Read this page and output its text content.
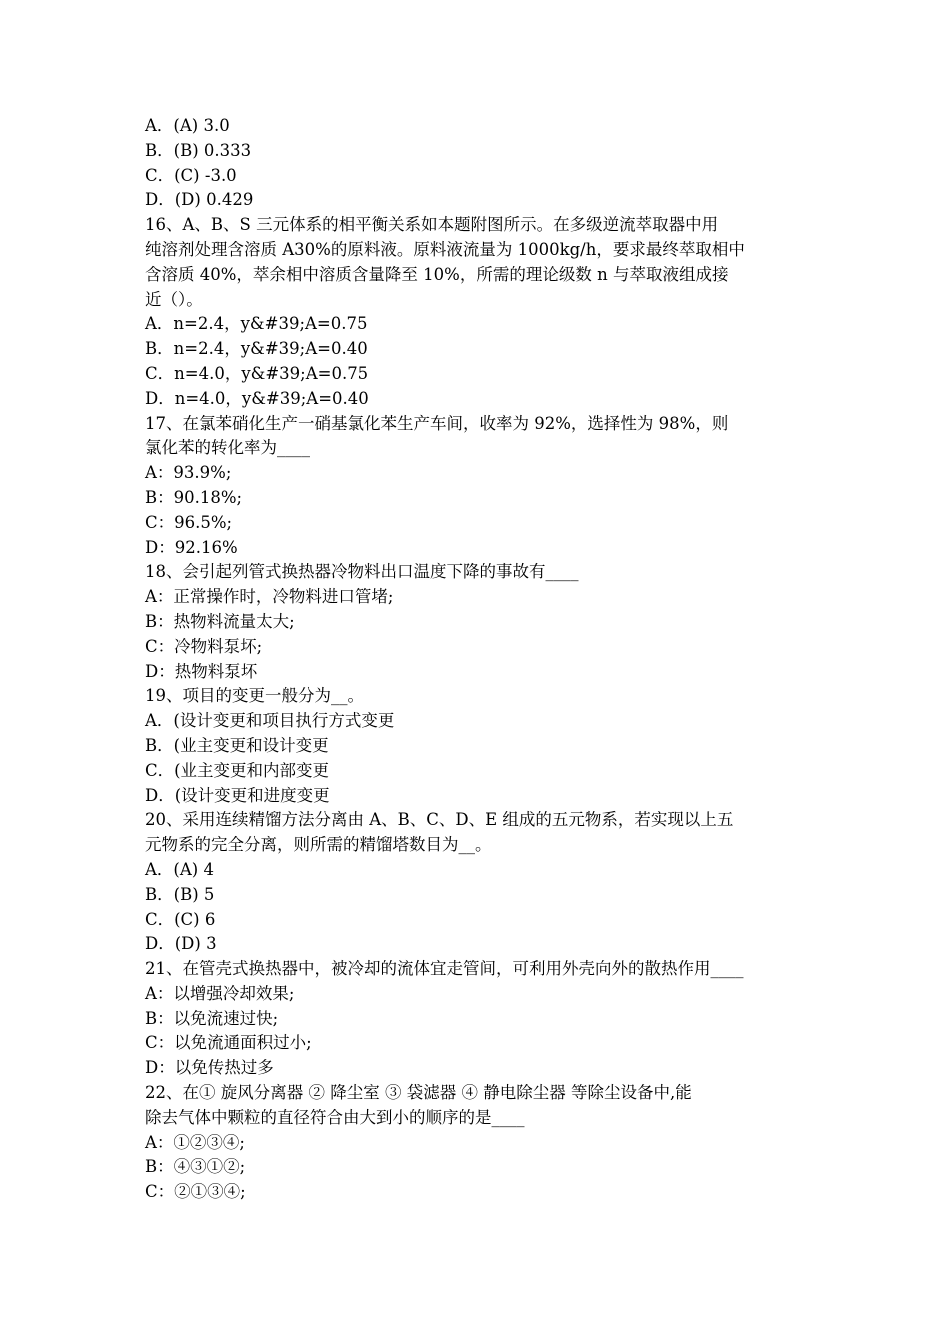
A．(A) 3.0
B．(B) 0.333
C．(C) -3.0
D．(D) 0.429
16、A、B、S 三元体系的相平衡关系如本题附图所示。在多级逆流萃取器中用
纯溶剂处理含溶质 A30%的原料液。原料液流量为 1000kg/h，要求最终萃取相中
含溶质 40%，萃余相中溶质含量降至 10%，所需的理论级数 n 与萃取液组成接
近（）。
A．n=2.4，y&#39;A=0.75
B．n=2.4，y&#39;A=0.40
C．n=4.0，y&#39;A=0.75
D．n=4.0，y&#39;A=0.40
17、在氯苯硝化生产一硝基氯化苯生产车间，收率为 92%，选择性为 98%，则
氯化苯的转化率为____
A：93.9%;
B：90.18%;
C：96.5%;
D：92.16%
18、会引起列管式换热器冷物料出口温度下降的事故有____
A：正常操作时，冷物料进口管堵;
B：热物料流量太大;
C：冷物料泵坏;
D：热物料泵坏
19、项目的变更一般分为__。
A．(设计变更和项目执行方式变更
B．(业主变更和设计变更
C．(业主变更和内部变更
D．(设计变更和进度变更
20、采用连续精馏方法分离由 A、B、C、D、E 组成的五元物系，若实现以上五
元物系的完全分离，则所需的精馏塔数目为__。
A．(A) 4
B．(B) 5
C．(C) 6
D．(D) 3
21、在管壳式换热器中，被冷却的流体宜走管间，可利用外壳向外的散热作用____
A：以增强冷却效果;
B：以免流速过快;
C：以免流通面积过小;
D：以免传热过多
22、在① 旋风分离器 ② 降尘室 ③ 袋滤器 ④ 静电除尘器 等除尘设备中,能
除去气体中颗粒的直径符合由大到小的顺序的是____
A：①②③④;
B：④③①②;
C：②①③④;
